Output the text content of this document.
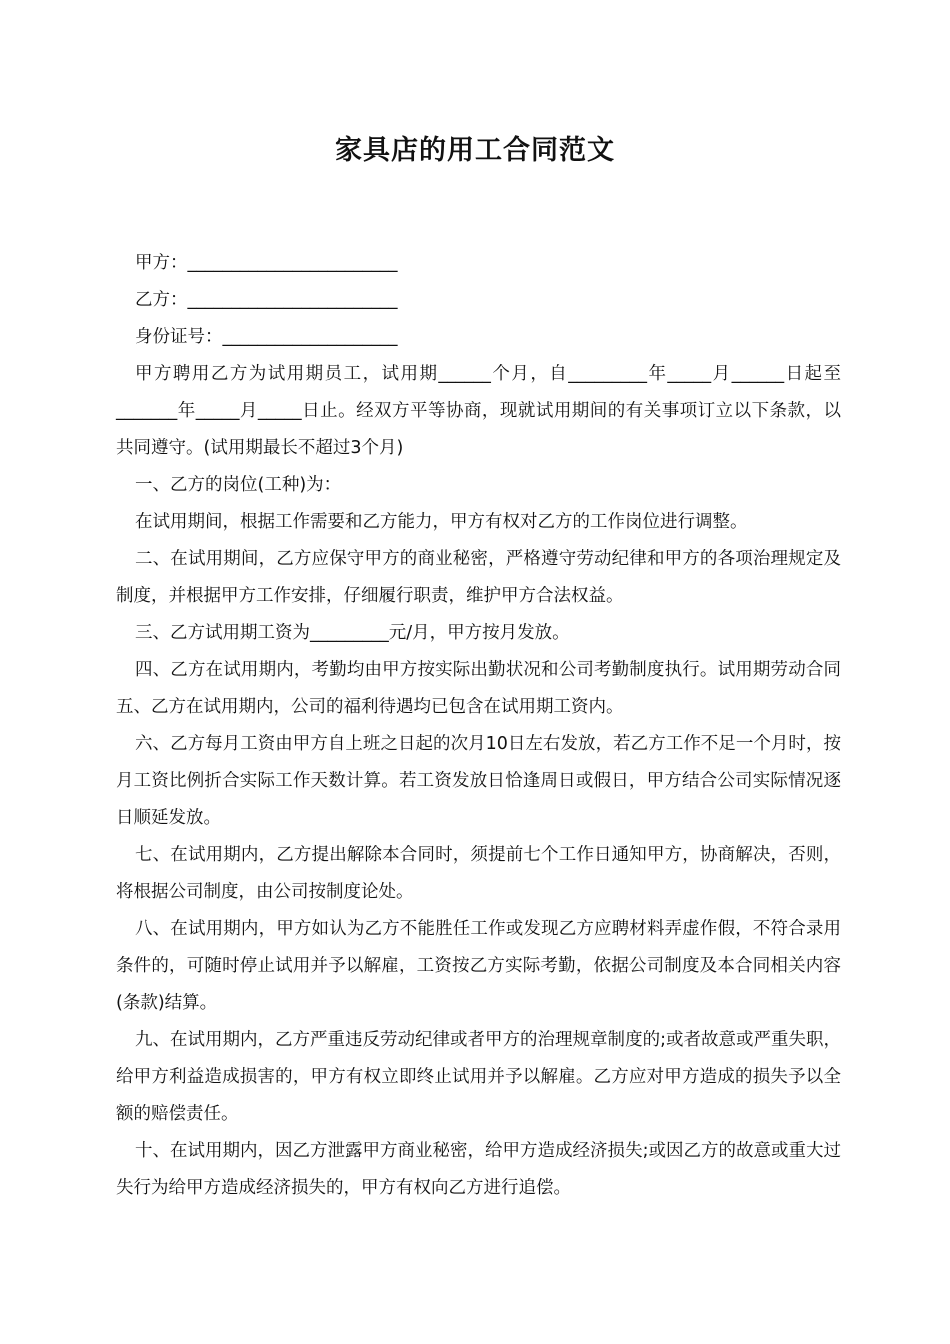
家具店的用工合同范文

甲方：________________________

乙方：________________________

身份证号：____________________

甲方聘用乙方为试用期员工，试用期______个月，自_________年_____月______日起至_______年_____月_____日止。经双方平等协商，现就试用期间的有关事项订立以下条款，以共同遵守。(试用期最长不超过3个月)

一、乙方的岗位(工种)为：

在试用期间，根据工作需要和乙方能力，甲方有权对乙方的工作岗位进行调整。

二、在试用期间，乙方应保守甲方的商业秘密，严格遵守劳动纪律和甲方的各项治理规定及制度，并根据甲方工作安排，仔细履行职责，维护甲方合法权益。

三、乙方试用期工资为_________元/月，甲方按月发放。

四、乙方在试用期内，考勤均由甲方按实际出勤状况和公司考勤制度执行。试用期劳动合同五、乙方在试用期内，公司的福利待遇均已包含在试用期工资内。

六、乙方每月工资由甲方自上班之日起的次月10日左右发放，若乙方工作不足一个月时，按月工资比例折合实际工作天数计算。若工资发放日恰逢周日或假日，甲方结合公司实际情况逐日顺延发放。

七、在试用期内，乙方提出解除本合同时，须提前七个工作日通知甲方，协商解决，否则，将根据公司制度，由公司按制度论处。

八、在试用期内，甲方如认为乙方不能胜任工作或发现乙方应聘材料弄虚作假，不符合录用条件的，可随时停止试用并予以解雇，工资按乙方实际考勤，依据公司制度及本合同相关内容(条款)结算。

九、在试用期内，乙方严重违反劳动纪律或者甲方的治理规章制度的;或者故意或严重失职，给甲方利益造成损害的，甲方有权立即终止试用并予以解雇。乙方应对甲方造成的损失予以全额的赔偿责任。

十、在试用期内，因乙方泄露甲方商业秘密，给甲方造成经济损失;或因乙方的故意或重大过失行为给甲方造成经济损失的，甲方有权向乙方进行追偿。
